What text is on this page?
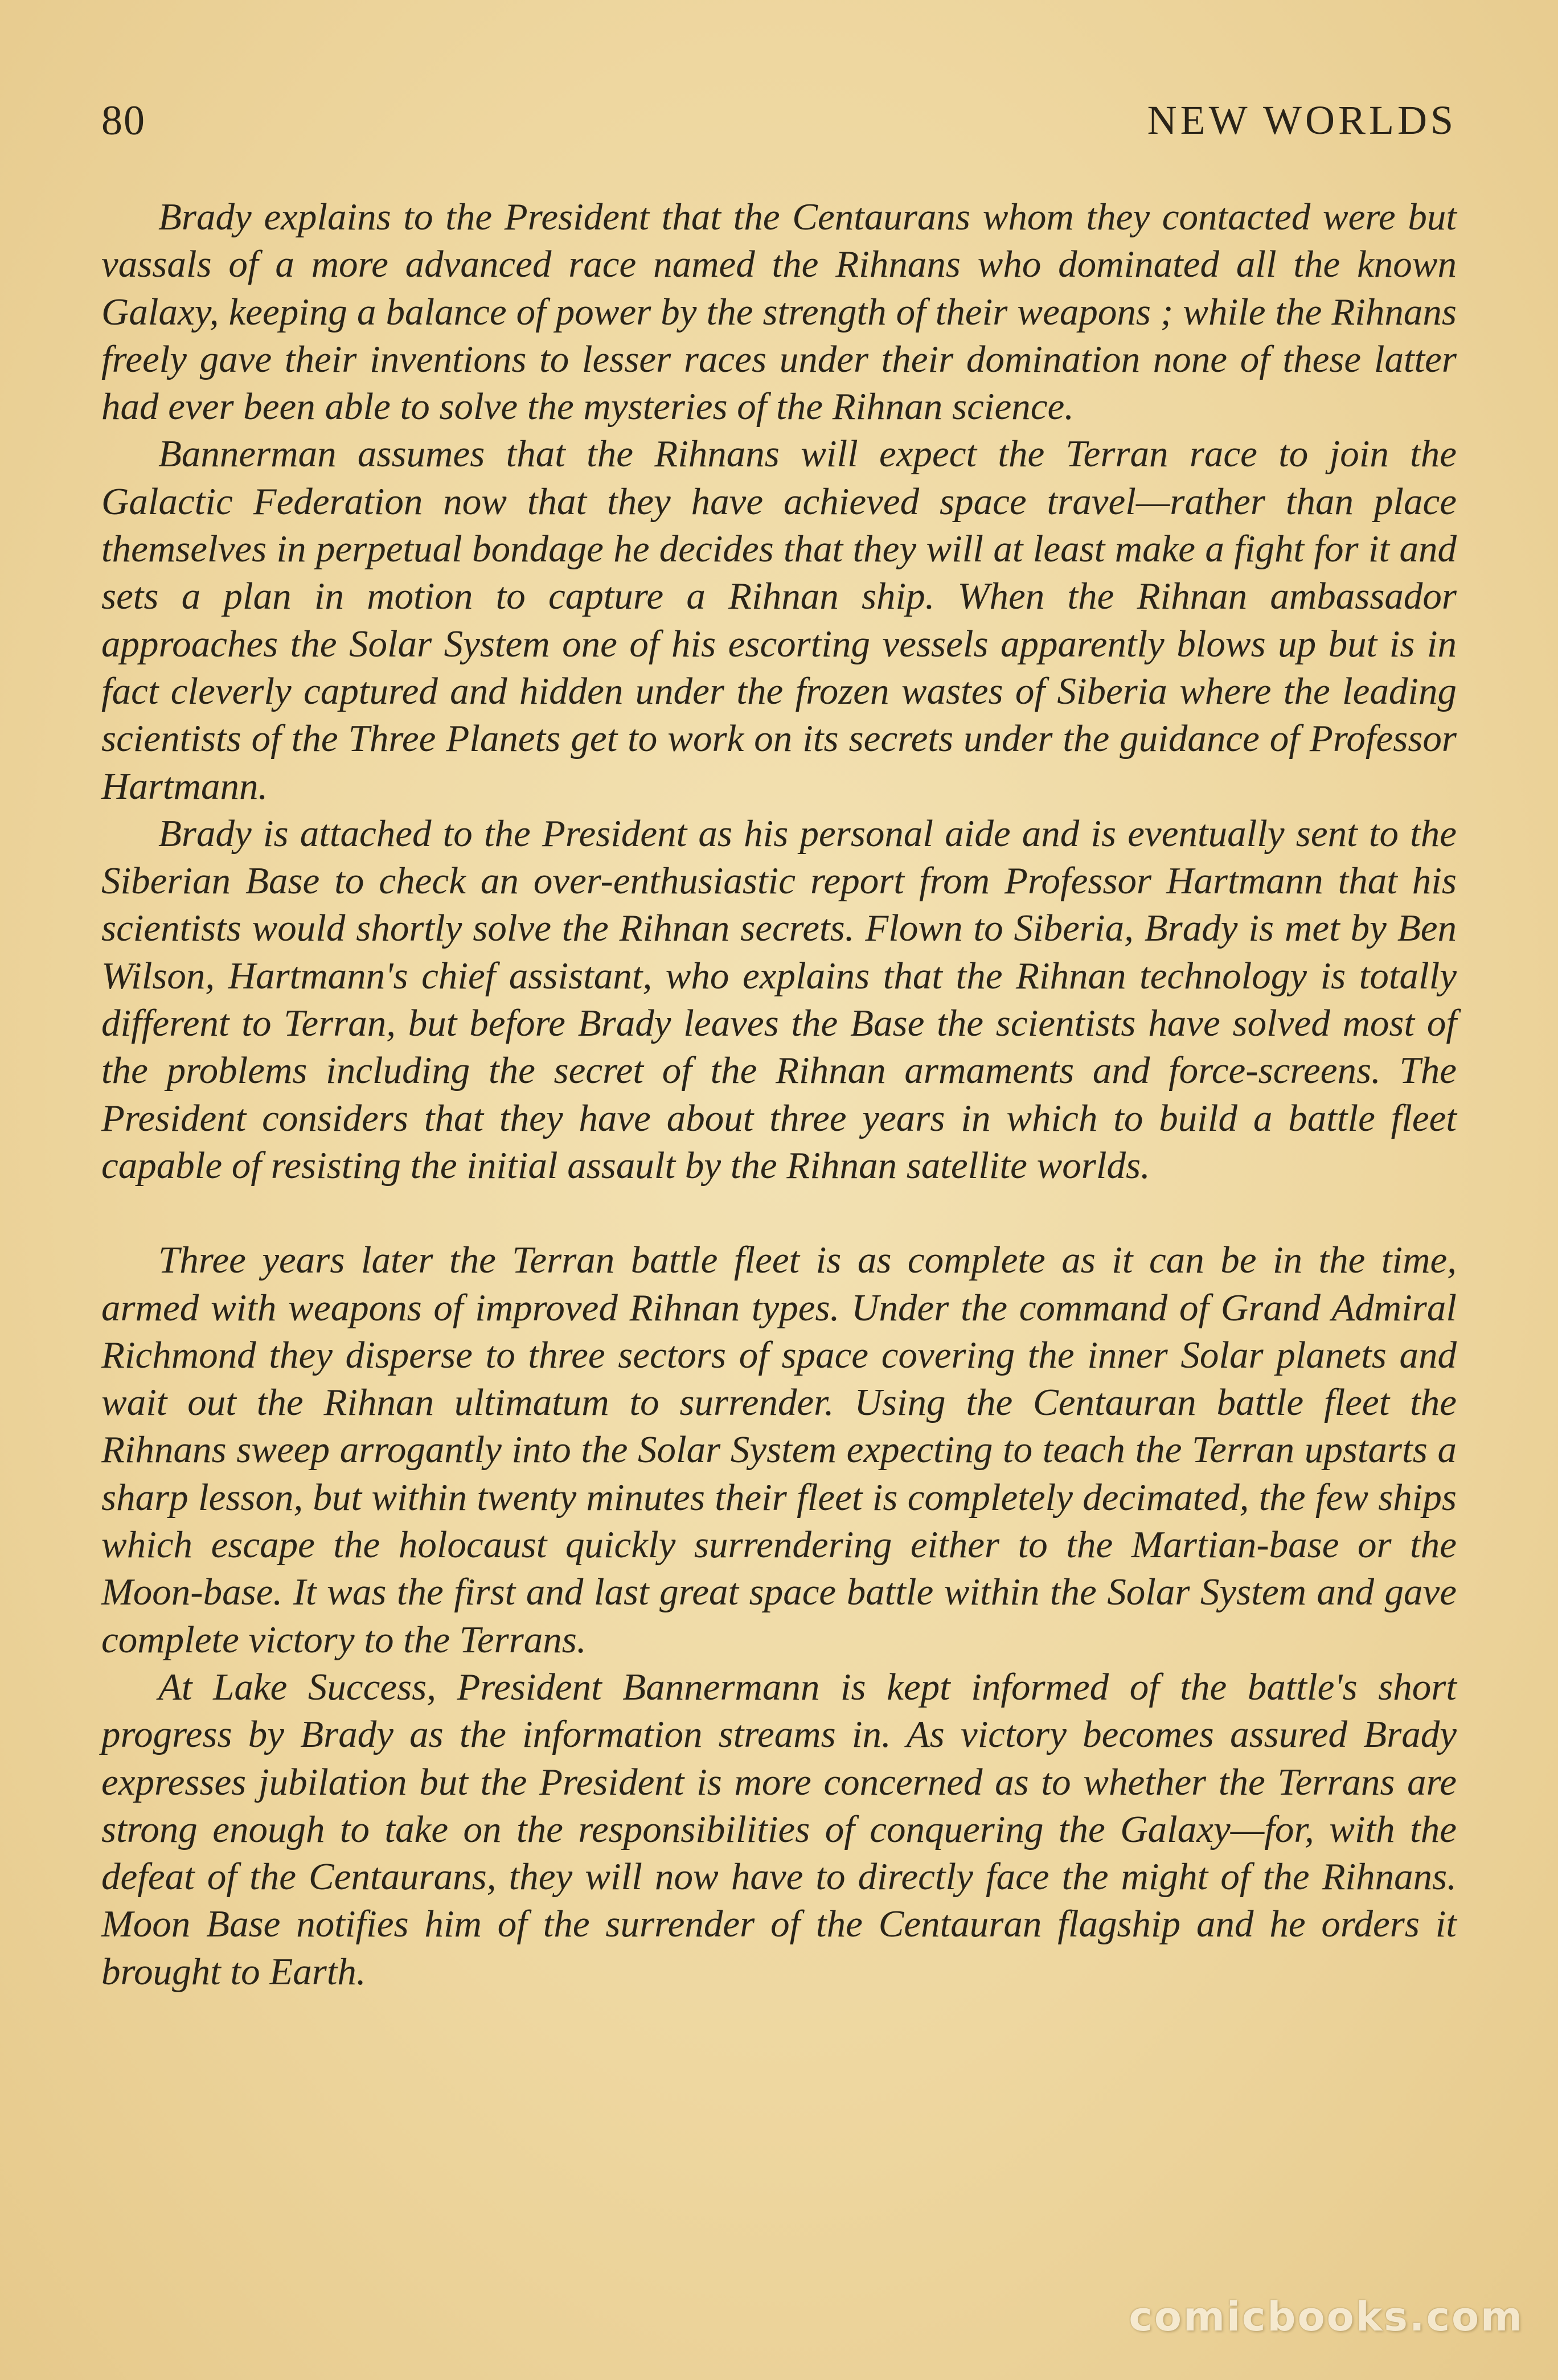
80	NEW WORLDS

Brady explains to the President that the Centaurans whom they contacted were but vassals of a more advanced race named the Rihnans who dominated all the known Galaxy, keeping a balance of power by the strength of their weapons ; while the Rihnans freely gave their inventions to lesser races under their domination none of these latter had ever been able to solve the mysteries of the Rihnan science.

Bannerman assumes that the Rihnans will expect the Terran race to join the Galactic Federation now that they have achieved space travel—rather than place themselves in perpetual bondage he decides that they will at least make a fight for it and sets a plan in motion to capture a Rihnan ship. When the Rihnan ambassador approaches the Solar System one of his escorting vessels apparently blows up but is in fact cleverly captured and hidden under the frozen wastes of Siberia where the leading scientists of the Three Planets get to work on its secrets under the guidance of Professor Hartmann.

Brady is attached to the President as his personal aide and is eventually sent to the Siberian Base to check an over-enthusiastic report from Professor Hartmann that his scientists would shortly solve the Rihnan secrets. Flown to Siberia, Brady is met by Ben Wilson, Hartmann's chief assistant, who explains that the Rihnan technology is totally different to Terran, but before Brady leaves the Base the scientists have solved most of the problems including the secret of the Rihnan armaments and force-screens. The President considers that they have about three years in which to build a battle fleet capable of resisting the initial assault by the Rihnan satellite worlds.

Three years later the Terran battle fleet is as complete as it can be in the time, armed with weapons of improved Rihnan types. Under the command of Grand Admiral Richmond they disperse to three sectors of space covering the inner Solar planets and wait out the Rihnan ultimatum to surrender. Using the Centauran battle fleet the Rihnans sweep arrogantly into the Solar System expecting to teach the Terran upstarts a sharp lesson, but within twenty minutes their fleet is completely decimated, the few ships which escape the holocaust quickly surrendering either to the Martian-base or the Moon-base. It was the first and last great space battle within the Solar System and gave complete victory to the Terrans.

At Lake Success, President Bannermann is kept informed of the battle's short progress by Brady as the information streams in. As victory becomes assured Brady expresses jubilation but the President is more concerned as to whether the Terrans are strong enough to take on the responsibilities of conquering the Galaxy—for, with the defeat of the Centaurans, they will now have to directly face the might of the Rihnans. Moon Base notifies him of the surrender of the Centauran flagship and he orders it brought to Earth.

comicbooks.com
